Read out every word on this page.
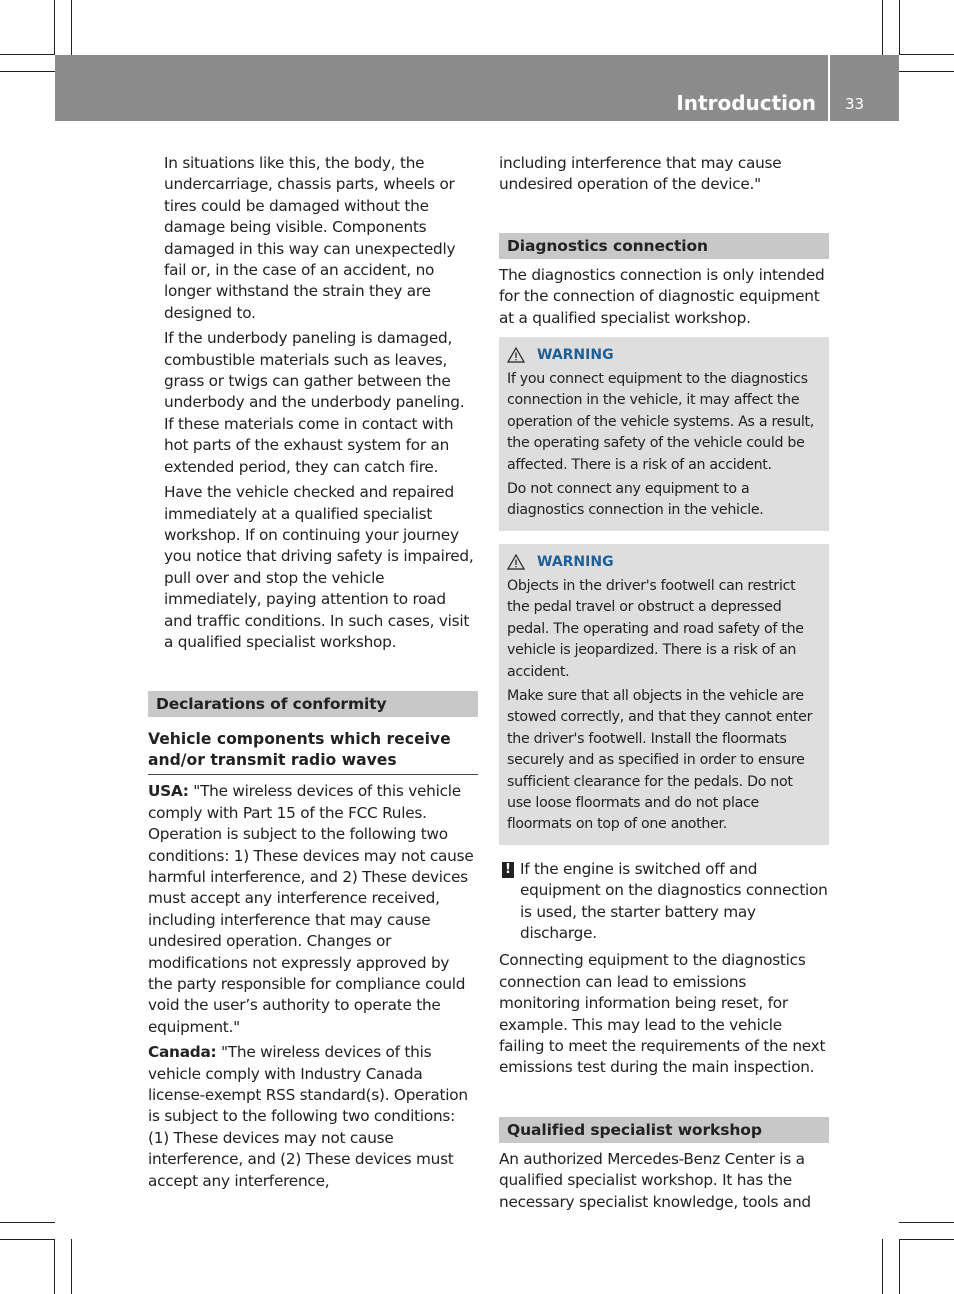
Introduction	33

In situations like this, the body, the undercarriage, chassis parts, wheels or tires could be damaged without the damage being visible. Components damaged in this way can unexpectedly fail or, in the case of an accident, no longer withstand the strain they are designed to.

If the underbody paneling is damaged, combustible materials such as leaves, grass or twigs can gather between the underbody and the underbody paneling. If these materials come in contact with hot parts of the exhaust system for an extended period, they can catch fire.

Have the vehicle checked and repaired immediately at a qualified specialist workshop. If on continuing your journey you notice that driving safety is impaired, pull over and stop the vehicle immediately, paying attention to road and traffic conditions. In such cases, visit a qualified specialist workshop.

Declarations of conformity
Vehicle components which receive and/or transmit radio waves

USA: "The wireless devices of this vehicle comply with Part 15 of the FCC Rules. Operation is subject to the following two conditions: 1) These devices may not cause harmful interference, and 2) These devices must accept any interference received, including interference that may cause undesired operation. Changes or modifications not expressly approved by the party responsible for compliance could void the user’s authority to operate the equipment."

Canada: "The wireless devices of this vehicle comply with Industry Canada license-exempt RSS standard(s). Operation is subject to the following two conditions: (1) These devices may not cause interference, and (2) These devices must accept any interference,

including interference that may cause undesired operation of the device."

Diagnostics connection

The diagnostics connection is only intended for the connection of diagnostic equipment at a qualified specialist workshop.

WARNING

If you connect equipment to the diagnostics connection in the vehicle, it may affect the operation of the vehicle systems. As a result, the operating safety of the vehicle could be affected. There is a risk of an accident.

Do not connect any equipment to a diagnostics connection in the vehicle.

WARNING

Objects in the driver's footwell can restrict the pedal travel or obstruct a depressed pedal. The operating and road safety of the vehicle is jeopardized. There is a risk of an accident.

Make sure that all objects in the vehicle are stowed correctly, and that they cannot enter the driver's footwell. Install the floormats securely and as specified in order to ensure sufficient clearance for the pedals. Do not use loose floormats and do not place floormats on top of one another.

! If the engine is switched off and equipment on the diagnostics connection is used, the starter battery may discharge.

Connecting equipment to the diagnostics connection can lead to emissions monitoring information being reset, for example. This may lead to the vehicle failing to meet the requirements of the next emissions test during the main inspection.

Qualified specialist workshop

An authorized Mercedes-Benz Center is a qualified specialist workshop. It has the necessary specialist knowledge, tools and
